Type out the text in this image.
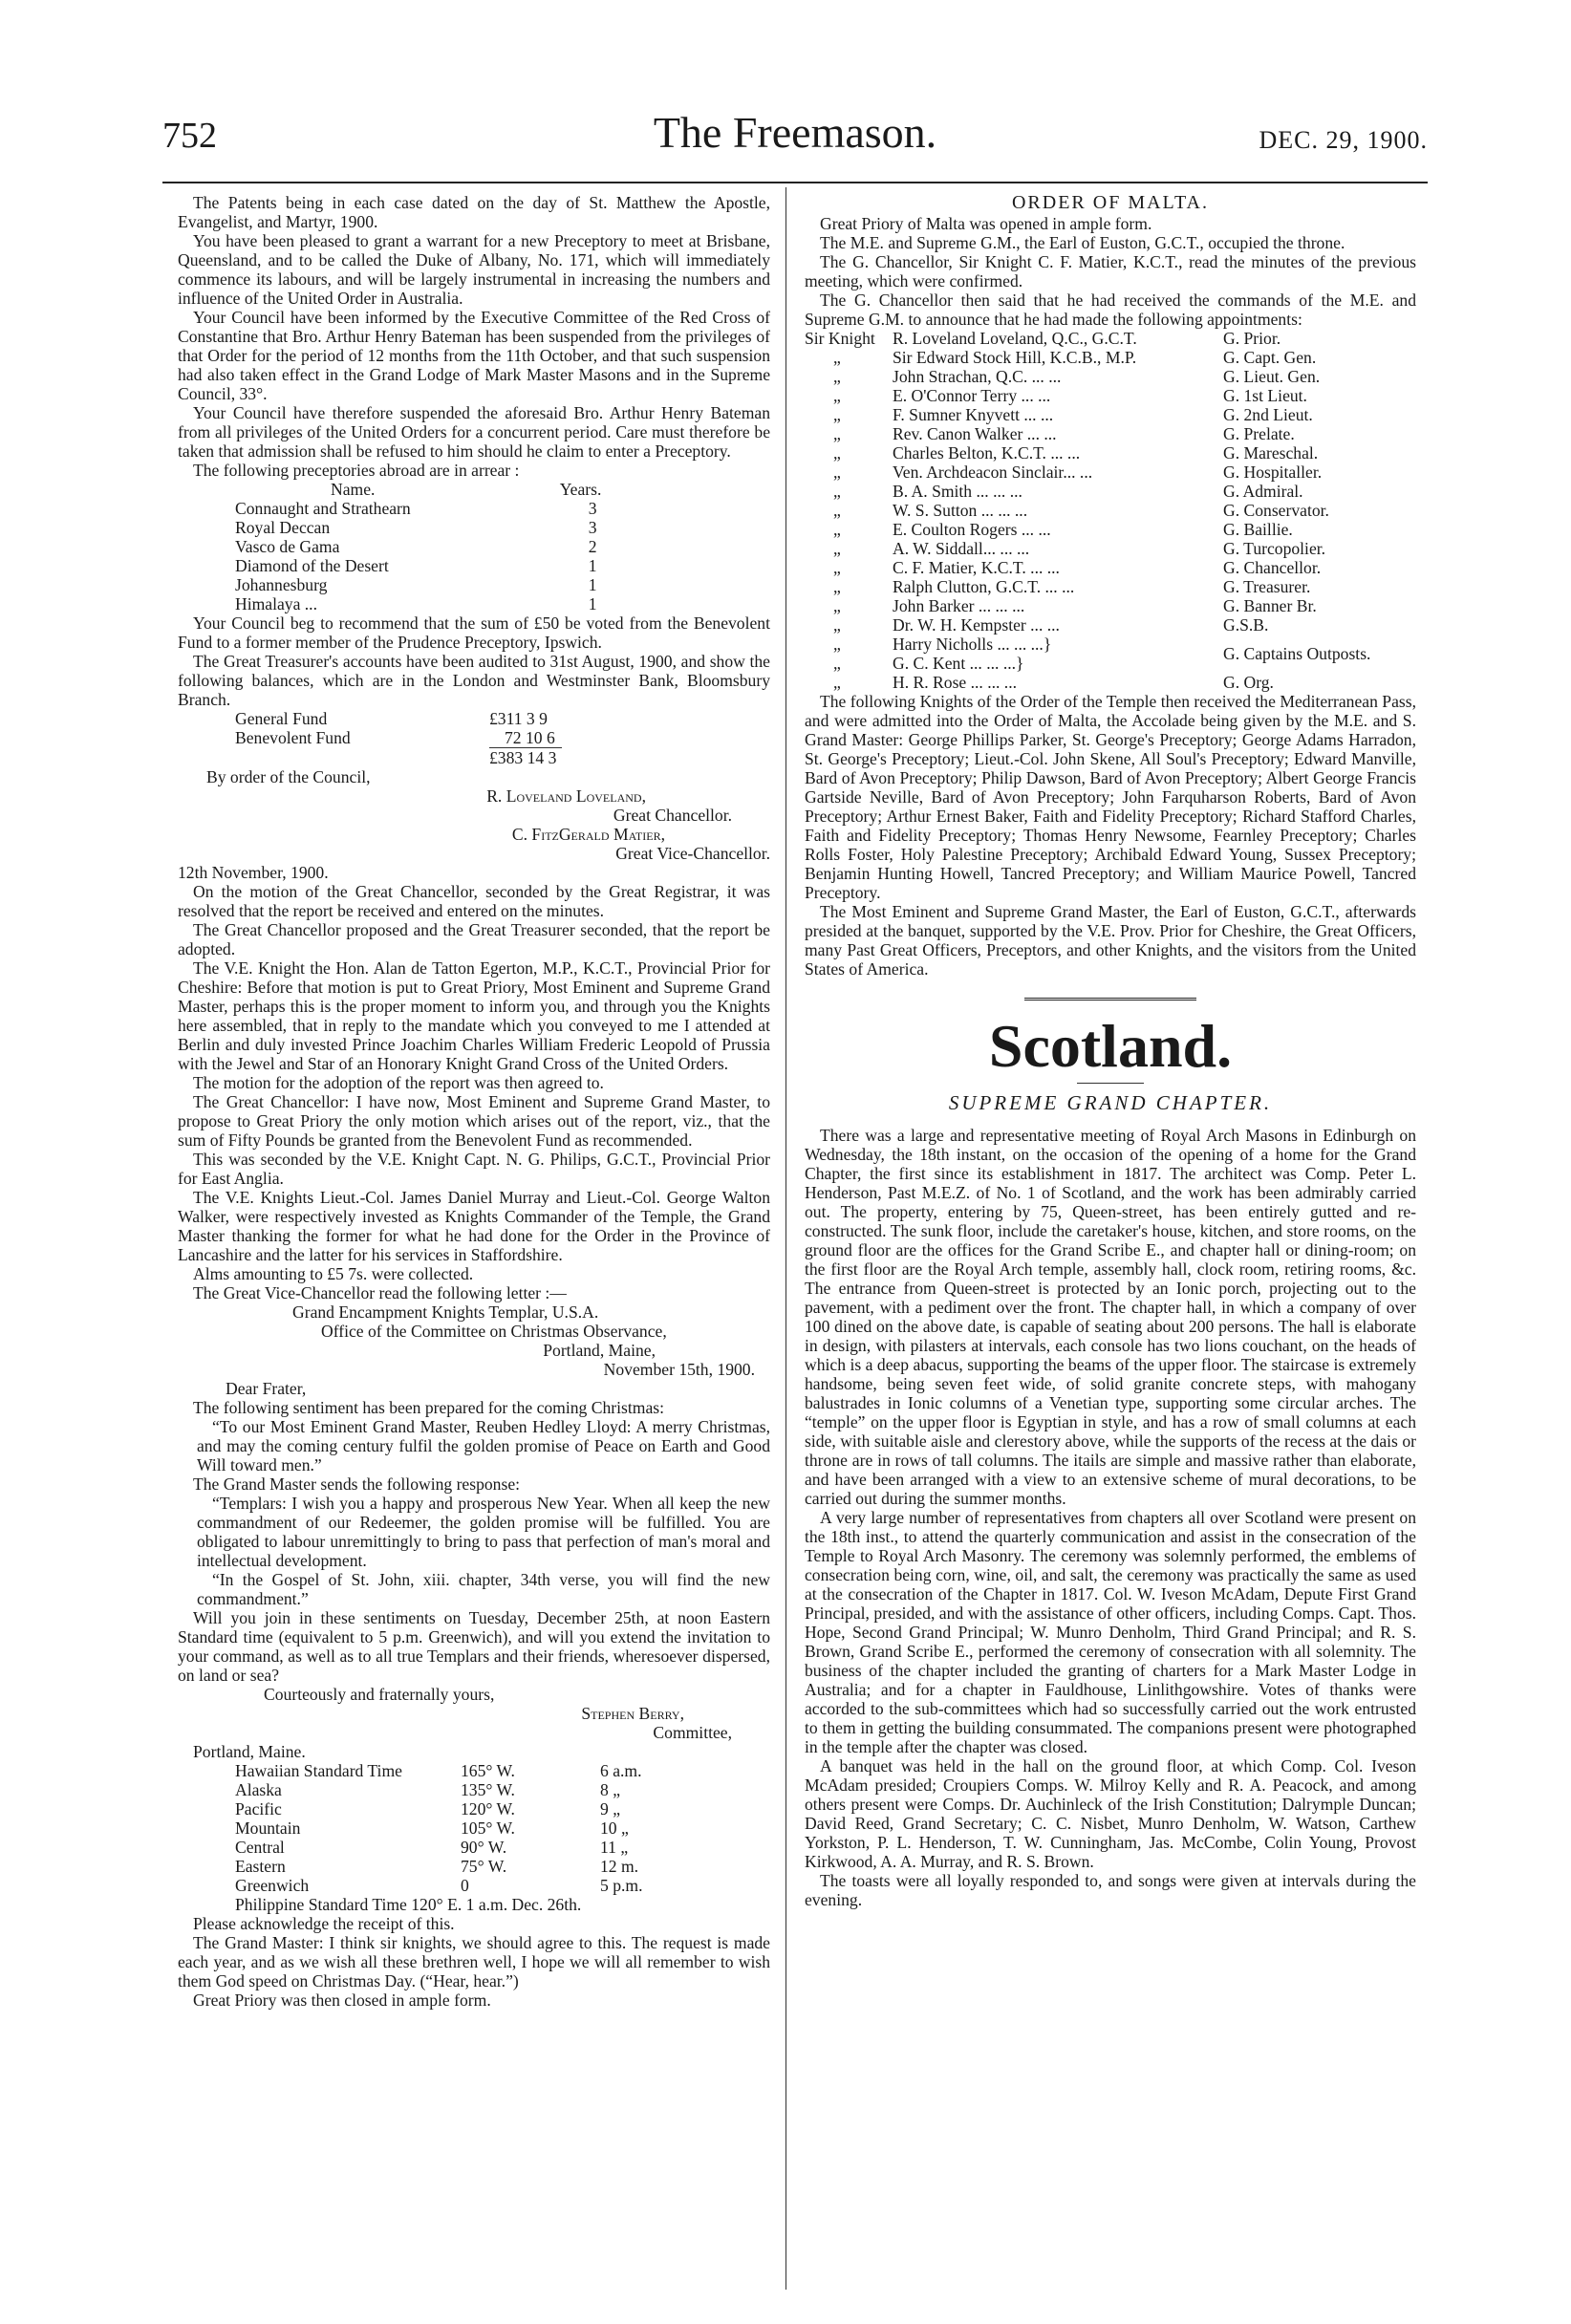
752	The Freemason.	DEC. 29, 1900.

The Patents being in each case dated on the day of St. Matthew the Apostle, Evangelist, and Martyr, 1900.

You have been pleased to grant a warrant for a new Preceptory to meet at Brisbane, Queensland, and to be called the Duke of Albany, No. 171, which will immediately commence its labours, and will be largely instrumental in increasing the numbers and influence of the United Order in Australia.

Your Council have been informed by the Executive Committee of the Red Cross of Constantine that Bro. Arthur Henry Bateman has been suspended from the privileges of that Order for the period of 12 months from the 11th October, and that such suspension had also taken effect in the Grand Lodge of Mark Master Masons and in the Supreme Council, 33°.

Your Council have therefore suspended the aforesaid Bro. Arthur Henry Bateman from all privileges of the United Orders for a concurrent period. Care must therefore be taken that admission shall be refused to him should he claim to enter a Preceptory.

The following preceptories abroad are in arrear :

Name.	Years.
Connaught and Strathearn	3
Royal Deccan	3
Vasco de Gama	2
Diamond of the Desert	1
Johannesburg	1
Himalaya ...	1

Your Council beg to recommend that the sum of £50 be voted from the Benevolent Fund to a former member of the Prudence Preceptory, Ipswich.

The Great Treasurer's accounts have been audited to 31st August, 1900, and show the following balances, which are in the London and Westminster Bank, Bloomsbury Branch.

General Fund	£311 3 9
Benevolent Fund	72 10 6
	£383 14 3

By order of the Council,

R. Loveland Loveland,

Great Chancellor.

C. FitzGerald Matier,

Great Vice-Chancellor.

12th November, 1900.

On the motion of the Great Chancellor, seconded by the Great Registrar, it was resolved that the report be received and entered on the minutes.

The Great Chancellor proposed and the Great Treasurer seconded, that the report be adopted.

The V.E. Knight the Hon. Alan de Tatton Egerton, M.P., K.C.T., Provincial Prior for Cheshire: Before that motion is put to Great Priory, Most Eminent and Supreme Grand Master, perhaps this is the proper moment to inform you, and through you the Knights here assembled, that in reply to the mandate which you conveyed to me I attended at Berlin and duly invested Prince Joachim Charles William Frederic Leopold of Prussia with the Jewel and Star of an Honorary Knight Grand Cross of the United Orders.

The motion for the adoption of the report was then agreed to.

The Great Chancellor: I have now, Most Eminent and Supreme Grand Master, to propose to Great Priory the only motion which arises out of the report, viz., that the sum of Fifty Pounds be granted from the Benevolent Fund as recommended.

This was seconded by the V.E. Knight Capt. N. G. Philips, G.C.T., Provincial Prior for East Anglia.

The V.E. Knights Lieut.-Col. James Daniel Murray and Lieut.-Col. George Walton Walker, were respectively invested as Knights Commander of the Temple, the Grand Master thanking the former for what he had done for the Order in the Province of Lancashire and the latter for his services in Staffordshire.

Alms amounting to £5 7s. were collected.

The Great Vice-Chancellor read the following letter :—

Grand Encampment Knights Templar, U.S.A.

Office of the Committee on Christmas Observance,

Portland, Maine,

November 15th, 1900.

Dear Frater,

The following sentiment has been prepared for the coming Christmas:

“To our Most Eminent Grand Master, Reuben Hedley Lloyd: A merry Christmas, and may the coming century fulfil the golden promise of Peace on Earth and Good Will toward men.”

The Grand Master sends the following response:

“Templars: I wish you a happy and prosperous New Year. When all keep the new commandment of our Redeemer, the golden promise will be fulfilled. You are obligated to labour unremittingly to bring to pass that perfection of man's moral and intellectual development.

“In the Gospel of St. John, xiii. chapter, 34th verse, you will find the new commandment.”

Will you join in these sentiments on Tuesday, December 25th, at noon Eastern Standard time (equivalent to 5 p.m. Greenwich), and will you extend the invitation to your command, as well as to all true Templars and their friends, wheresoever dispersed, on land or sea?

Courteously and fraternally yours,

Stephen Berry,

Committee,

Portland, Maine.

Hawaiian Standard Time	165° W.	6 a.m.
Alaska	135° W.	8 „
Pacific	120° W.	9 „
Mountain	105° W.	10 „
Central	90° W.	11 „
Eastern	75° W.	12 m.
Greenwich	0	5 p.m.

Philippine Standard Time 120° E. 1 a.m. Dec. 26th.

Please acknowledge the receipt of this.

The Grand Master: I think sir knights, we should agree to this. The request is made each year, and as we wish all these brethren well, I hope we will all remember to wish them God speed on Christmas Day. (“Hear, hear.”)

Great Priory was then closed in ample form.

ORDER OF MALTA.

Great Priory of Malta was opened in ample form.

The M.E. and Supreme G.M., the Earl of Euston, G.C.T., occupied the throne.

The G. Chancellor, Sir Knight C. F. Matier, K.C.T., read the minutes of the previous meeting, which were confirmed.

The G. Chancellor then said that he had received the commands of the M.E. and Supreme G.M. to announce that he had made the following appointments:

Sir Knight	R. Loveland Loveland, Q.C., G.C.T.	G. Prior.
„	Sir Edward Stock Hill, K.C.B., M.P.	G. Capt. Gen.
„	John Strachan, Q.C. ... ...	G. Lieut. Gen.
„	E. O'Connor Terry ... ...	G. 1st Lieut.
„	F. Sumner Knyvett ... ...	G. 2nd Lieut.
„	Rev. Canon Walker ... ...	G. Prelate.
„	Charles Belton, K.C.T. ... ...	G. Mareschal.
„	Ven. Archdeacon Sinclair... ...	G. Hospitaller.
„	B. A. Smith ... ... ...	G. Admiral.
„	W. S. Sutton ... ... ...	G. Conservator.
„	E. Coulton Rogers ... ...	G. Baillie.
„	A. W. Siddall... ... ...	G. Turcopolier.
„	C. F. Matier, K.C.T. ... ...	G. Chancellor.
„	Ralph Clutton, G.C.T. ... ...	G. Treasurer.
„	John Barker ... ... ...	G. Banner Br.
„	Dr. W. H. Kempster ... ...	G.S.B.
„	Harry Nicholls ... ... ...}	G. Captains Outposts.
„	G. C. Kent ... ... ...}	
„	H. R. Rose ... ... ...	G. Org.

The following Knights of the Order of the Temple then received the Mediterranean Pass, and were admitted into the Order of Malta, the Accolade being given by the M.E. and S. Grand Master: George Phillips Parker, St. George's Preceptory; George Adams Harradon, St. George's Preceptory; Lieut.-Col. John Skene, All Soul's Preceptory; Edward Manville, Bard of Avon Preceptory; Philip Dawson, Bard of Avon Preceptory; Albert George Francis Gartside Neville, Bard of Avon Preceptory; John Farquharson Roberts, Bard of Avon Preceptory; Arthur Ernest Baker, Faith and Fidelity Preceptory; Richard Stafford Charles, Faith and Fidelity Preceptory; Thomas Henry Newsome, Fearnley Preceptory; Charles Rolls Foster, Holy Palestine Preceptory; Archibald Edward Young, Sussex Preceptory; Benjamin Hunting Howell, Tancred Preceptory; and William Maurice Powell, Tancred Preceptory.

The Most Eminent and Supreme Grand Master, the Earl of Euston, G.C.T., afterwards presided at the banquet, supported by the V.E. Prov. Prior for Cheshire, the Great Officers, many Past Great Officers, Preceptors, and other Knights, and the visitors from the United States of America.

Scotland.
SUPREME GRAND CHAPTER.

There was a large and representative meeting of Royal Arch Masons in Edinburgh on Wednesday, the 18th instant, on the occasion of the opening of a home for the Grand Chapter, the first since its establishment in 1817. The architect was Comp. Peter L. Henderson, Past M.E.Z. of No. 1 of Scotland, and the work has been admirably carried out. The property, entering by 75, Queen-street, has been entirely gutted and re-constructed. The sunk floor, include the caretaker's house, kitchen, and store rooms, on the ground floor are the offices for the Grand Scribe E., and chapter hall or dining-room; on the first floor are the Royal Arch temple, assembly hall, clock room, retiring rooms, &c. The entrance from Queen-street is protected by an Ionic porch, projecting out to the pavement, with a pediment over the front. The chapter hall, in which a company of over 100 dined on the above date, is capable of seating about 200 persons. The hall is elaborate in design, with pilasters at intervals, each console has two lions couchant, on the heads of which is a deep abacus, supporting the beams of the upper floor. The staircase is extremely handsome, being seven feet wide, of solid granite concrete steps, with mahogany balustrades in Ionic columns of a Venetian type, supporting some circular arches. The “temple” on the upper floor is Egyptian in style, and has a row of small columns at each side, with suitable aisle and clerestory above, while the supports of the recess at the dais or throne are in rows of tall columns. The itails are simple and massive rather than elaborate, and have been arranged with a view to an extensive scheme of mural decorations, to be carried out during the summer months.

A very large number of representatives from chapters all over Scotland were present on the 18th inst., to attend the quarterly communication and assist in the consecration of the Temple to Royal Arch Masonry. The ceremony was solemnly performed, the emblems of consecration being corn, wine, oil, and salt, the ceremony was practically the same as used at the consecration of the Chapter in 1817. Col. W. Iveson McAdam, Depute First Grand Principal, presided, and with the assistance of other officers, including Comps. Capt. Thos. Hope, Second Grand Principal; W. Munro Denholm, Third Grand Principal; and R. S. Brown, Grand Scribe E., performed the ceremony of consecration with all solemnity. The business of the chapter included the granting of charters for a Mark Master Lodge in Australia; and for a chapter in Fauldhouse, Linlithgowshire. Votes of thanks were accorded to the sub-committees which had so successfully carried out the work entrusted to them in getting the building consummated. The companions present were photographed in the temple after the chapter was closed.

A banquet was held in the hall on the ground floor, at which Comp. Col. Iveson McAdam presided; Croupiers Comps. W. Milroy Kelly and R. A. Peacock, and among others present were Comps. Dr. Auchinleck of the Irish Constitution; Dalrymple Duncan; David Reed, Grand Secretary; C. C. Nisbet, Munro Denholm, W. Watson, Carthew Yorkston, P. L. Henderson, T. W. Cunningham, Jas. McCombe, Colin Young, Provost Kirkwood, A. A. Murray, and R. S. Brown.

The toasts were all loyally responded to, and songs were given at intervals during the evening.
